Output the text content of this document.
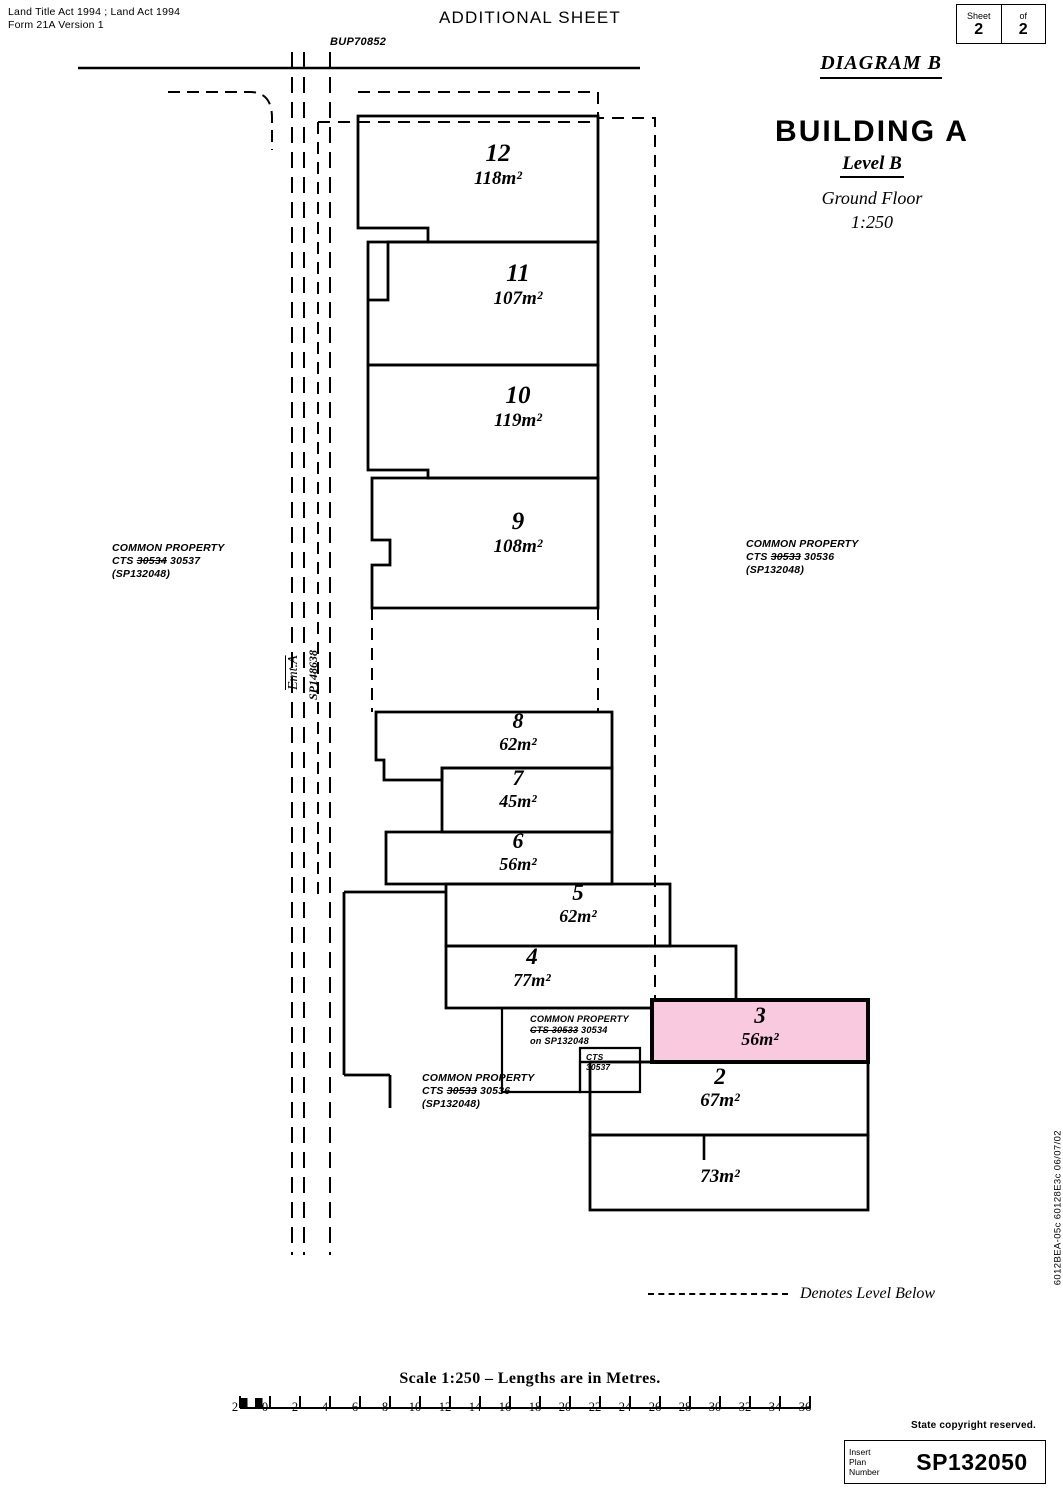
Land Title Act 1994 ; Land Act 1994
Form 21A Version 1	ADDITIONAL SHEET	Sheet
2
of
2
DIAGRAM B
BUILDING A
Level B
Ground Floor
1:250
12
118m²
11
107m²
10
119m²
9
108m²
8
62m²
7
45m²
6
56m²
5
62m²
4
77m²
3
56m²
2
67m²
73m²
BUP70852
Emt.A SP148638
COMMON PROPERTY
CTS 30534 30537
(SP132048)
COMMON PROPERTY
CTS 30533 30536
(SP132048)
COMMON PROPERTY
CTS 30533 30534
on SP132048
CTS
30537
COMMON PROPERTY
CTS 30533 30536
(SP132048)
6012BEA-05c 60128E3c 06/07/02
Denotes Level Below
Scale 1:250 – Lengths are in Metres.
2	0	2	4	6	8	10	12	14	16	18	20	22	24	26	28	30	32	34	36
State copyright reserved.
Insert
Plan
Number	SP132050
